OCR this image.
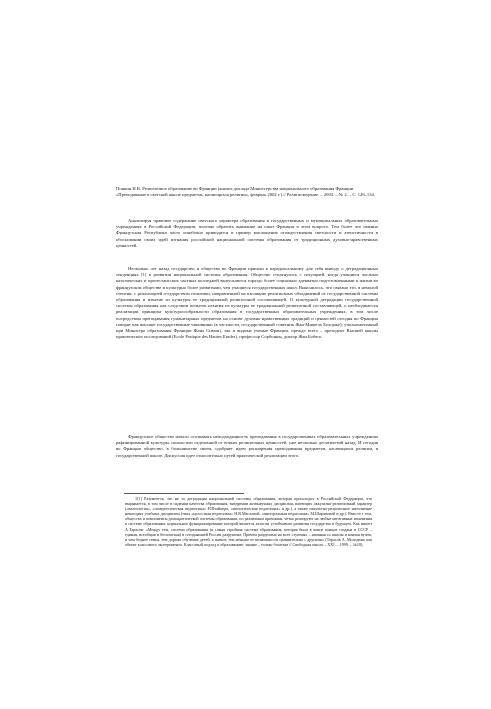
Понкин И.В. Религиозное образование во Франции (анализ доклада Министерства национального образования Франции «Преподавание в светской школе предметов, касающихся религии», февраль 2002 г.) // Религиоведение. – 2003. – № 2. – С. 126–134.

Анализируя правовое содержание светского характера образования в государственных и муниципальных образовательных учреждениях в Российской Федерации, полезно обратить внимание на опыт Франции в этом вопросе. Тем более что именно Французская Республика часто ошибочно приводится в пример воплощения отождествления светскости и атеистичности в обосновании своих идей изгнания российской национальной системы образования от традиционных духовно-нравственных ценностей.

Несколько лет назад государство и общество во Франции пришли к парадоксальному для себя выводу о деградационных тенденциях [1] в развитии национальной системы образования. Общество столкнулось с ситуацией, когда учащиеся частных католических и протестантских частных колледжей выпускаются гораздо более социально адекватно подготовленными к жизни во французском обществе и культурно более развитыми, чем учащиеся государственных школ. Выяснилось, что связано это, в немалой степени, с реализацией государством политики, направленной на изоляцию религиозных объединений от государственной системы образования и изъятие из культуры ее традиционной религиозной составляющей. О культурной деградации государственной системы образования как следствии попыток изъятия из культуры ее традиционной религиозной составляющей, о необходимости реализации принципа культуросообразности образования в государственных образовательных учреждениях, в том числе посредством преподавания гуманитарных предметов на основе духовно-нравственных традиций и ценностей сегодня во Франции говорят как высшие государственные чиновники (в частности, государственный советник Жан-Мишель Белорже); уполномоченный при Министре образования Франции Жана Симон), так и видные ученые Франции, прежде всего – президент Высшей школы практических исследований (Ecole Pratique des Hautes Etudes), профессор Сорбонны, доктор Жан Бобero.

Французское общество начало осознавать неподходящность преподавания в государственных образовательных учреждениях рафинированной культуры, полностью отделенной от всяких религиозных ценностей, уже несколько десятилетий назад. И сегодня во Франции общество, в большинстве своем, одобряет идею расширения преподавания предметов, касающихся религии, в государственной школе. Дискуссия идет относительно путей практической реализации этого.

1[1] Разумеется, это не та деградация национальной системы образования, которая происходит в Российской Федерации, что выражается, в том числе в падении качества образования, внедрении антинаучных дисциплин, имеющих оккультно-религиозный характер («валеология», «синергетическая педагогика» Р.Штайнера, «экологическая педагогика» и др.), а также оккультно-религиозное наполнение некоторых учебных дисциплин (типа «целостная педагогика» Н.В.Масловой, «интегральная педагогика» М.Шараповой и др.). Вместе с тем, общество и компоненты демократической системы образования, по различным причинам, четко реагируют на любые негативные изменения в системе образования, нормальное функционирование которой является залогом устойчивого развития государства в будущем. Как пишет А.Тарасов: «Между тем, система образования (и самая стройная система образования, которая была в конце концов создана в СССР – единая, всеобщая и бесплатная) в сегодняшней России разрушена. Причем разрушена на всех ступенях – начиная со школы и кончая вузом, и чем беднее семья, тем дороже обучение детей, а значит, тем меньше ее возможности сравнительно с другими» (Тарасов А. Молодежь как объект классового эксперимента. Классовый подход к образованию: знание – только богатым // Свободная мысль – XXI. – 1999. – №10).
